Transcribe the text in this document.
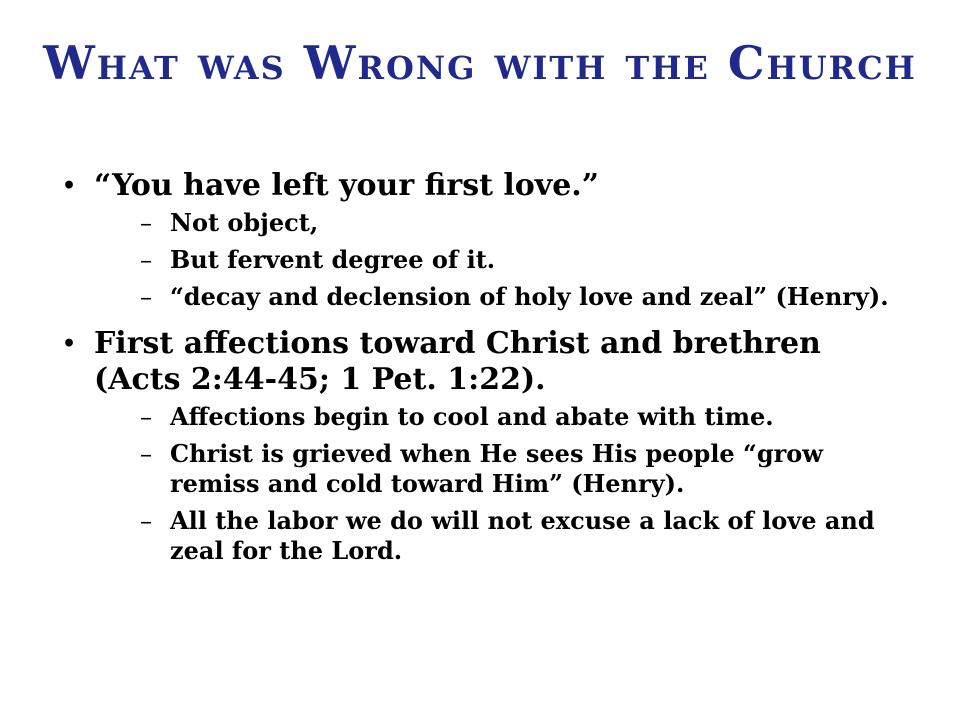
What was Wrong with the Church
• “You have left your first love.”
– Not object,
– But fervent degree of it.
– “decay and declension of holy love and zeal” (Henry).
• First affections toward Christ and brethren (Acts 2:44-45; 1 Pet. 1:22).
– Affections begin to cool and abate with time.
– Christ is grieved when He sees His people “grow remiss and cold toward Him” (Henry).
– All the labor we do will not excuse a lack of love and zeal for the Lord.
